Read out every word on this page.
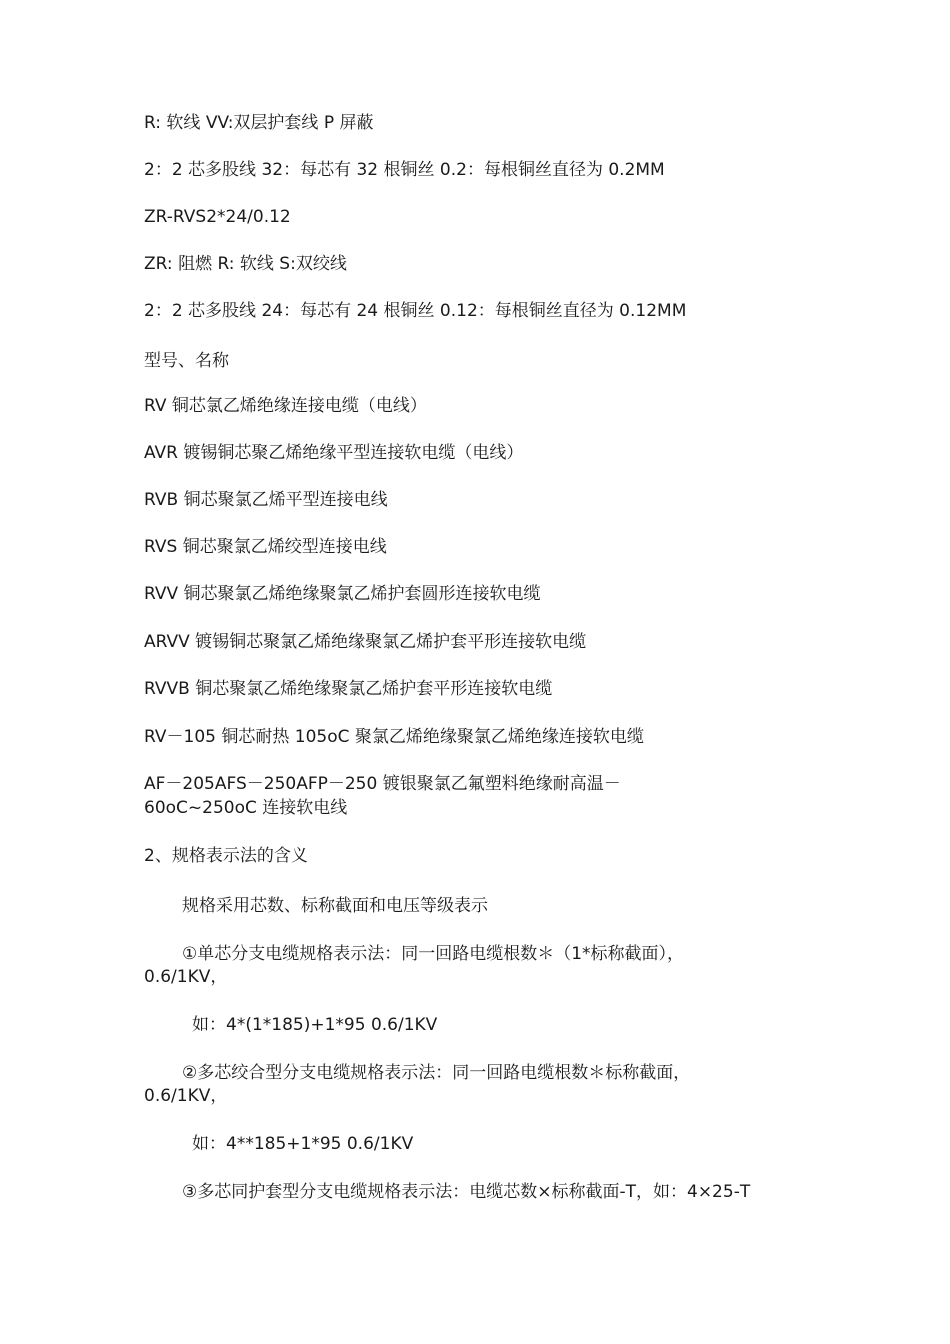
R: 软线 VV:双层护套线 P 屏蔽
2：2 芯多股线 32：每芯有 32 根铜丝 0.2：每根铜丝直径为 0.2MM
ZR-RVS2*24/0.12
ZR: 阻燃 R: 软线 S:双绞线
2：2 芯多股线 24：每芯有 24 根铜丝 0.12：每根铜丝直径为 0.12MM
型号、名称
RV 铜芯氯乙烯绝缘连接电缆（电线）
AVR 镀锡铜芯聚乙烯绝缘平型连接软电缆（电线）
RVB 铜芯聚氯乙烯平型连接电线
RVS 铜芯聚氯乙烯绞型连接电线
RVV 铜芯聚氯乙烯绝缘聚氯乙烯护套圆形连接软电缆
ARVV 镀锡铜芯聚氯乙烯绝缘聚氯乙烯护套平形连接软电缆
RVVB 铜芯聚氯乙烯绝缘聚氯乙烯护套平形连接软电缆
RV－105 铜芯耐热 105oC 聚氯乙烯绝缘聚氯乙烯绝缘连接软电缆
AF－205AFS－250AFP－250 镀银聚氯乙氟塑料绝缘耐高温－
60oC~250oC 连接软电线
2、规格表示法的含义
规格采用芯数、标称截面和电压等级表示
①单芯分支电缆规格表示法：同一回路电缆根数＊（1*标称截面），
0.6/1KV，
如：4*(1*185)+1*95 0.6/1KV
②多芯绞合型分支电缆规格表示法：同一回路电缆根数＊标称截面，
0.6/1KV，
如：4**185+1*95 0.6/1KV
③多芯同护套型分支电缆规格表示法：电缆芯数×标称截面-T，如：4×25-T
